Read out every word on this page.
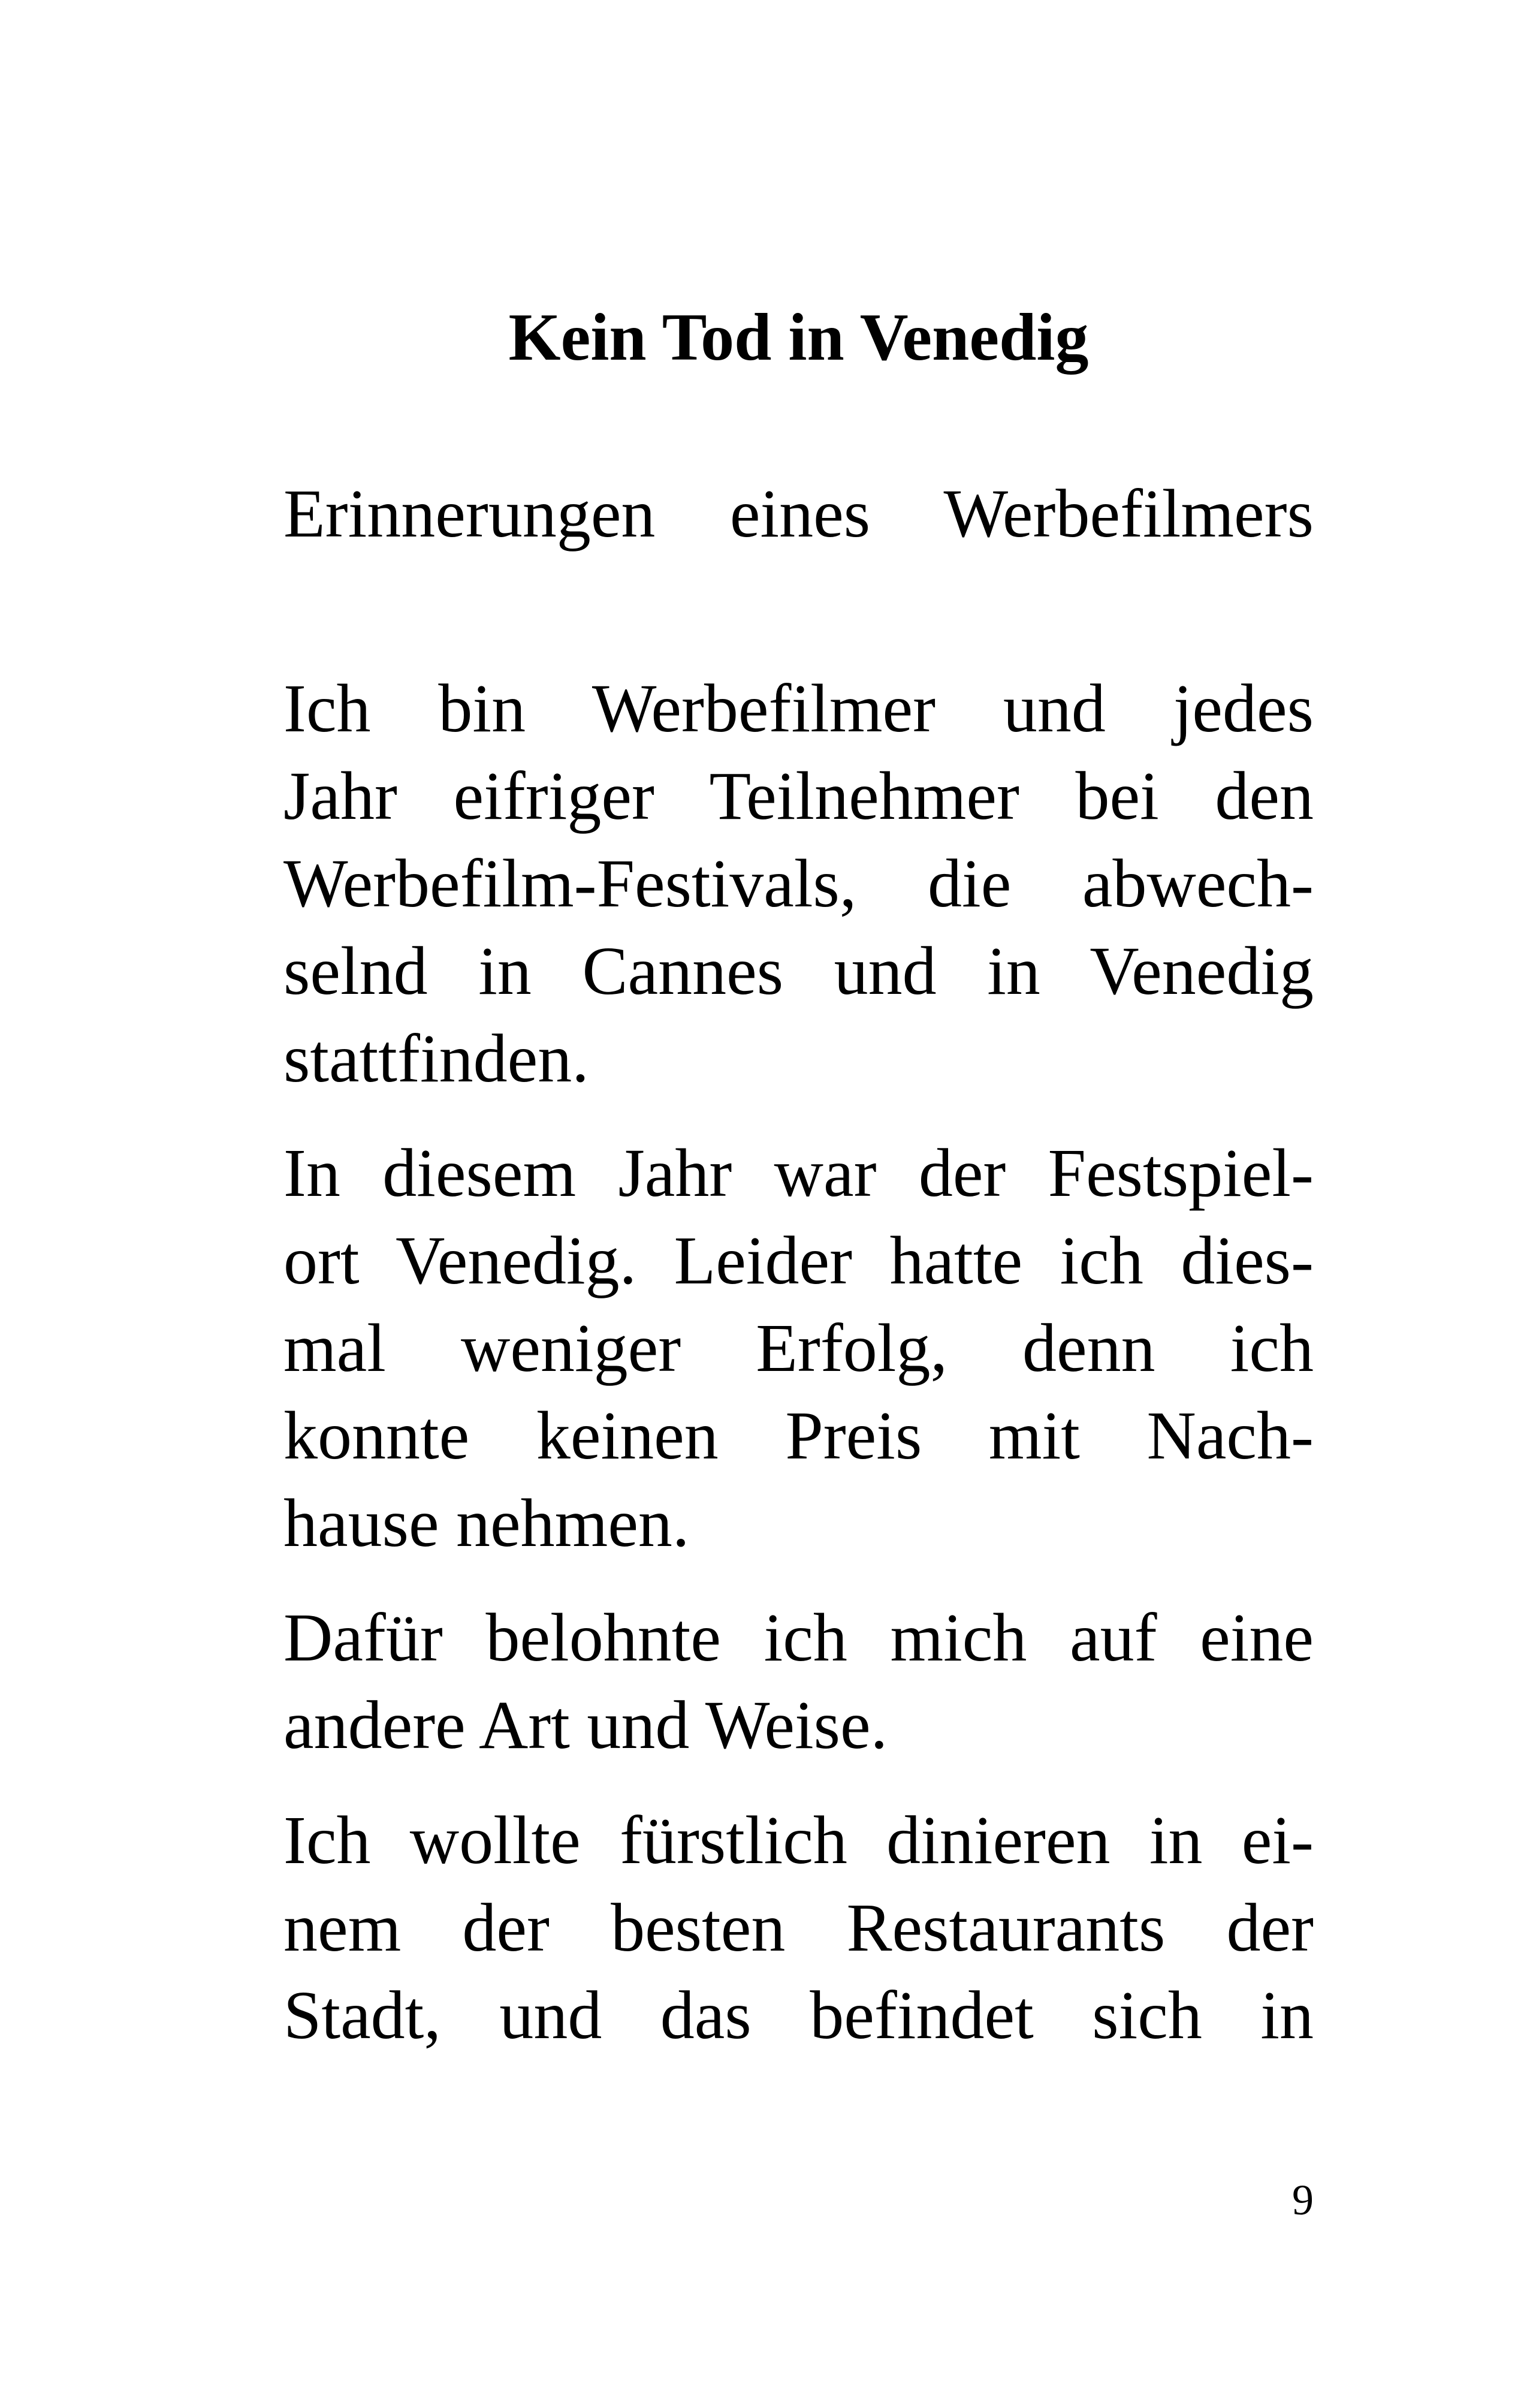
Kein Tod in Venedig
Erinnerungen eines Werbefilmers
Ich bin Werbefilmer und jedes
Jahr eifriger Teilnehmer bei den
Werbefilm-Festivals, die abwech-
selnd in Cannes und in Venedig
stattfinden.
In diesem Jahr war der Festspiel-
ort Venedig. Leider hatte ich dies-
mal weniger Erfolg, denn ich
konnte keinen Preis mit Nach-
hause nehmen.
Dafür belohnte ich mich auf eine
andere Art und Weise.
Ich wollte fürstlich dinieren in ei-
nem der besten Restaurants der
Stadt, und das befindet sich in
9
